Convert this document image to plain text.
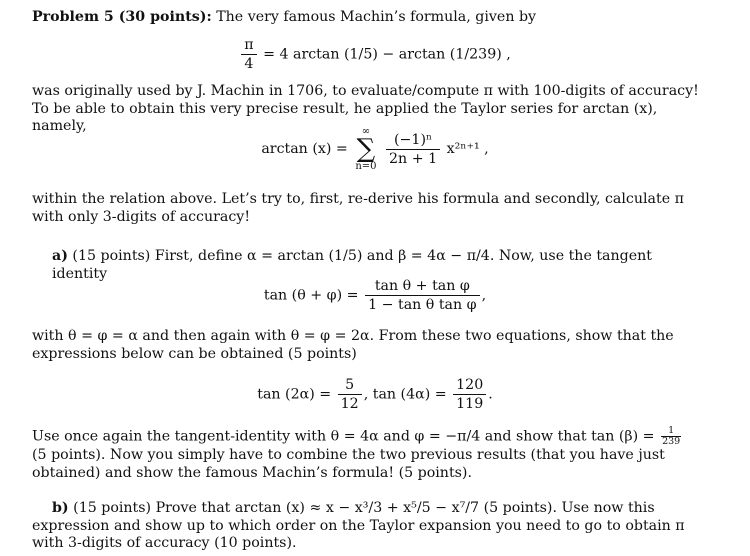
Problem 5 (30 points): The very famous Machin’s formula, given by
$\frac{\pi}{4} = 4$ arctan (1/5) − arctan (1/239) ,
was originally used by J. Machin in 1706, to evaluate/compute π with 100-digits of accuracy! To be able to obtain this very precise result, he applied the Taylor series for arctan (x), namely,
arctan (x) =
∞
∑
n=0
$\frac{\text{(−1)ⁿ}}{2n + 1} x^{2n+1}$ ,
within the relation above. Let’s try to, first, re-derive his formula and secondly, calculate π with only 3-digits of accuracy!
a) (15 points) First, define α = arctan (1/5) and β = 4α − π/4. Now, use the tangent identity
$\tan (\theta + \varphi) = \frac{\text{tan θ + tan φ}}{\text{1 − tan θ tan φ}}$ ,
with θ = φ = α and then again with θ = φ = 2α. From these two equations, show that the expressions below can be obtained (5 points)
$\tan (2\alpha) = \frac{5}{12}$ , $\tan (4\alpha) = \frac{120}{119}$ .
Use once again the tangent-identity with θ = 4α and φ = −π/4 and show that $\tan (\beta) = \frac{1}{239}$
(5 points). Now you simply have to combine the two previous results (that you have just obtained) and show the famous Machin’s formula! (5 points).
b) (15 points) Prove that arctan (x) ≈ x − x³/3 + x⁵/5 − x⁷/7 (5 points). Use now this expression and show up to which order on the Taylor expansion you need to go to obtain π with 3-digits of accuracy (10 points).
